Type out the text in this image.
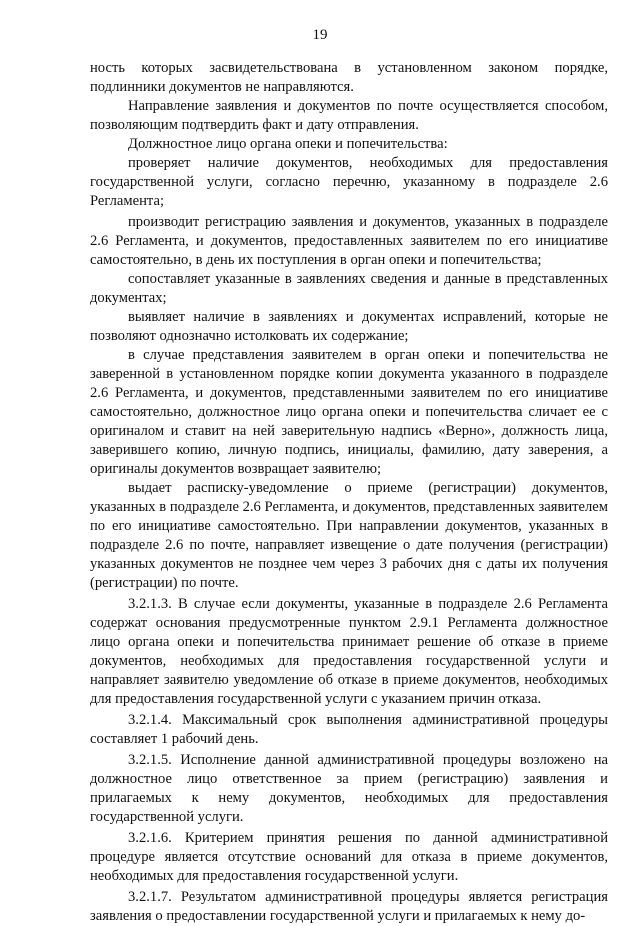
19

ность которых засвидетельствована в установленном законом порядке, подлинники документов не направляются.

Направление заявления и документов по почте осуществляется способом, позволяющим подтвердить факт и дату отправления.

Должностное лицо органа опеки и попечительства:

проверяет наличие документов, необходимых для предоставления государственной услуги, согласно перечню, указанному в подразделе 2.6 Регламента;

производит регистрацию заявления и документов, указанных в подразделе 2.6 Регламента, и документов, предоставленных заявителем по его инициативе самостоятельно, в день их поступления в орган опеки и попечительства;

сопоставляет указанные в заявлениях сведения и данные в представленных документах;

выявляет наличие в заявлениях и документах исправлений, которые не позволяют однозначно истолковать их содержание;

в случае представления заявителем в орган опеки и попечительства не заверенной в установленном порядке копии документа указанного в подразделе 2.6 Регламента, и документов, представленными заявителем по его инициативе самостоятельно, должностное лицо органа опеки и попечительства сличает ее с оригиналом и ставит на ней заверительную надпись «Верно», должность лица, заверившего копию, личную подпись, инициалы, фамилию, дату заверения, а оригиналы документов возвращает заявителю;

выдает расписку-уведомление о приеме (регистрации) документов, указанных в подразделе 2.6 Регламента, и документов, представленных заявителем по его инициативе самостоятельно. При направлении документов, указанных в подразделе 2.6 по почте, направляет извещение о дате получения (регистрации) указанных документов не позднее чем через 3 рабочих дня с даты их получения (регистрации) по почте.

3.2.1.3. В случае если документы, указанные в подразделе 2.6 Регламента содержат основания предусмотренные пунктом 2.9.1 Регламента должностное лицо органа опеки и попечительства принимает решение об отказе в приеме документов, необходимых для предоставления государственной услуги и направляет заявителю уведомление об отказе в приеме документов, необходимых для предоставления государственной услуги с указанием причин отказа.

3.2.1.4. Максимальный срок выполнения административной процедуры составляет 1 рабочий день.

3.2.1.5. Исполнение данной административной процедуры возложено на должностное лицо ответственное за прием (регистрацию) заявления и прилагаемых к нему документов, необходимых для предоставления государственной услуги.

3.2.1.6. Критерием принятия решения по данной административной процедуре является отсутствие оснований для отказа в приеме документов, необходимых для предоставления государственной услуги.

3.2.1.7. Результатом административной процедуры является регистрация заявления о предоставлении государственной услуги и прилагаемых к нему до-
